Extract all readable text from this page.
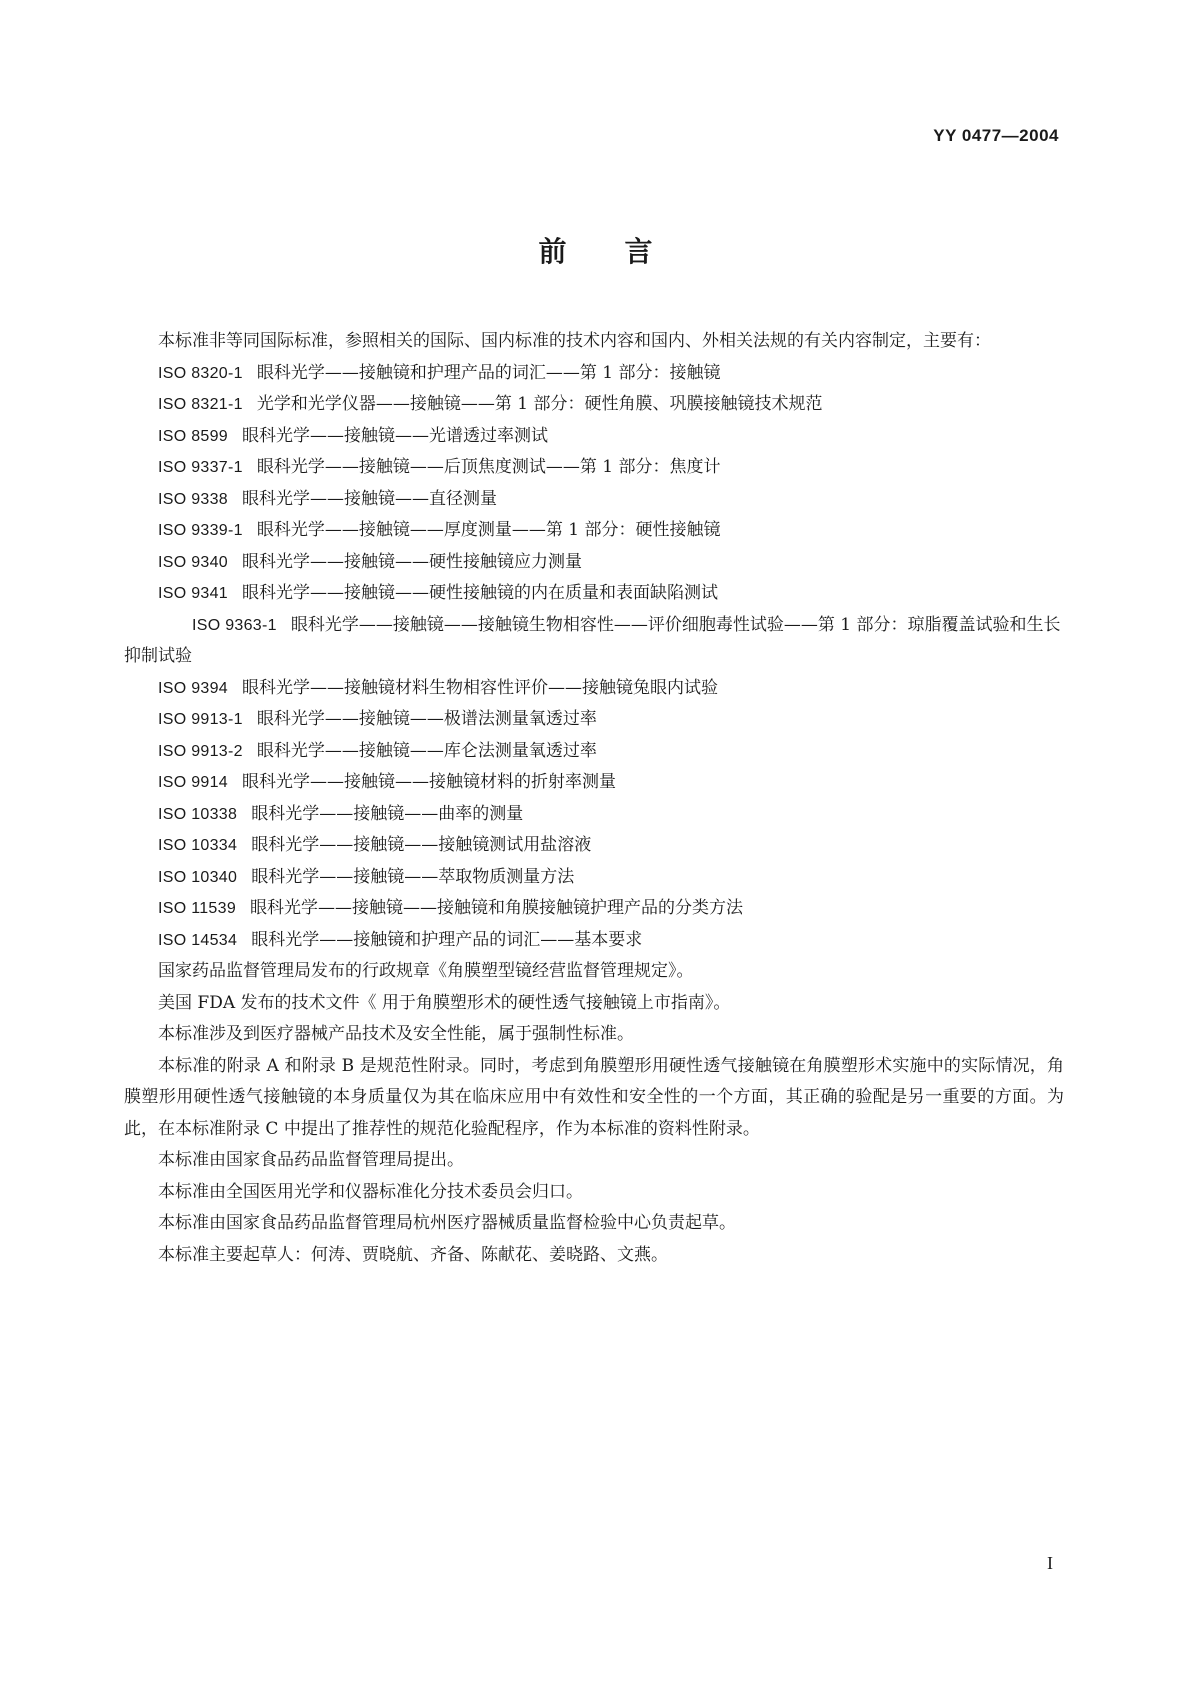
YY 0477—2004
前 言

本标准非等同国际标准，参照相关的国际、国内标准的技术内容和国内、外相关法规的有关内容制定，主要有：

ISO 8320-1 眼科光学——接触镜和护理产品的词汇——第 1 部分：接触镜
ISO 8321-1 光学和光学仪器——接触镜——第 1 部分：硬性角膜、巩膜接触镜技术规范
ISO 8599 眼科光学——接触镜——光谱透过率测试
ISO 9337-1 眼科光学——接触镜——后顶焦度测试——第 1 部分：焦度计
ISO 9338 眼科光学——接触镜——直径测量
ISO 9339-1 眼科光学——接触镜——厚度测量——第 1 部分：硬性接触镜
ISO 9340 眼科光学——接触镜——硬性接触镜应力测量
ISO 9341 眼科光学——接触镜——硬性接触镜的内在质量和表面缺陷测试
ISO 9363-1 眼科光学——接触镜——接触镜生物相容性——评价细胞毒性试验——第 1 部分：琼脂覆盖试验和生长抑制试验
ISO 9394 眼科光学——接触镜材料生物相容性评价——接触镜兔眼内试验
ISO 9913-1 眼科光学——接触镜——极谱法测量氧透过率
ISO 9913-2 眼科光学——接触镜——库仑法测量氧透过率
ISO 9914 眼科光学——接触镜——接触镜材料的折射率测量
ISO 10338 眼科光学——接触镜——曲率的测量
ISO 10334 眼科光学——接触镜——接触镜测试用盐溶液
ISO 10340 眼科光学——接触镜——萃取物质测量方法
ISO 11539 眼科光学——接触镜——接触镜和角膜接触镜护理产品的分类方法
ISO 14534 眼科光学——接触镜和护理产品的词汇——基本要求

国家药品监督管理局发布的行政规章《角膜塑型镜经营监督管理规定》。

美国 FDA 发布的技术文件《 用于角膜塑形术的硬性透气接触镜上市指南》。

本标准涉及到医疗器械产品技术及安全性能，属于强制性标准。

本标准的附录 A 和附录 B 是规范性附录。同时，考虑到角膜塑形用硬性透气接触镜在角膜塑形术实施中的实际情况，角膜塑形用硬性透气接触镜的本身质量仅为其在临床应用中有效性和安全性的一个方面，其正确的验配是另一重要的方面。为此，在本标准附录 C 中提出了推荐性的规范化验配程序，作为本标准的资料性附录。

本标准由国家食品药品监督管理局提出。

本标准由全国医用光学和仪器标准化分技术委员会归口。

本标准由国家食品药品监督管理局杭州医疗器械质量监督检验中心负责起草。

本标准主要起草人：何涛、贾晓航、齐备、陈献花、姜晓路、文燕。

I
